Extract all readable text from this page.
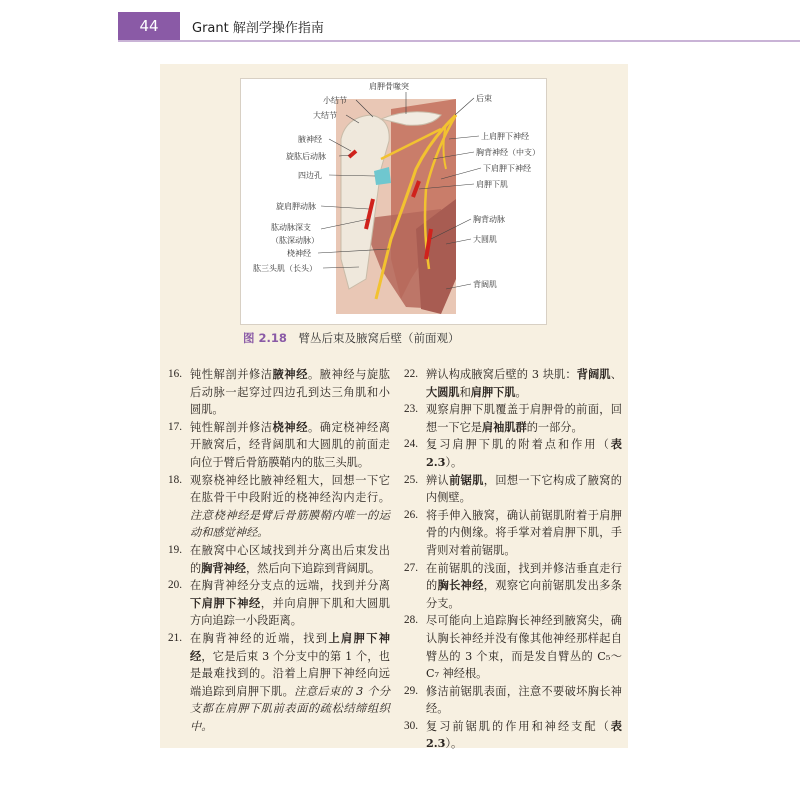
44	Grant 解剖学操作指南
肩胛骨喙突
小结节
大结节
后束
腋神经	上肩胛下神经
旋肱后动脉	胸背神经（中支）
四边孔
下肩胛下神经
肩胛下肌
旋肩胛动脉
胸背动脉
肱动脉深支
（肱深动脉）	大圆肌
桡神经
肱三头肌（长头）
背阔肌
图 2.18 臂丛后束及腋窝后壁（前面观）
16. 钝性解剖并修洁腋神经。腋神经与旋肱后动脉一起穿过四边孔到达三角肌和小圆肌。
17. 钝性解剖并修洁桡神经。确定桡神经离开腋窝后，经背阔肌和大圆肌的前面走向位于臂后骨筋膜鞘内的肱三头肌。
18. 观察桡神经比腋神经粗大，回想一下它在肱骨干中段附近的桡神经沟内走行。注意桡神经是臂后骨筋膜鞘内唯一的运动和感觉神经。
19. 在腋窝中心区域找到并分离出后束发出的胸背神经，然后向下追踪到背阔肌。
20. 在胸背神经分支点的远端，找到并分离下肩胛下神经，并向肩胛下肌和大圆肌方向追踪一小段距离。
21. 在胸背神经的近端，找到上肩胛下神经，它是后束 3 个分支中的第 1 个，也是最难找到的。沿着上肩胛下神经向远端追踪到肩胛下肌。注意后束的 3 个分支都在肩胛下肌前表面的疏松结缔组织中。
22. 辨认构成腋窝后壁的 3 块肌：背阔肌、大圆肌和肩胛下肌。
23. 观察肩胛下肌覆盖于肩胛骨的前面，回想一下它是肩袖肌群的一部分。
24. 复习肩胛下肌的附着点和作用（表 2.3）。
25. 辨认前锯肌，回想一下它构成了腋窝的内侧壁。
26. 将手伸入腋窝，确认前锯肌附着于肩胛骨的内侧缘。将手掌对着肩胛下肌，手背则对着前锯肌。
27. 在前锯肌的浅面，找到并修洁垂直走行的胸长神经，观察它向前锯肌发出多条分支。
28. 尽可能向上追踪胸长神经到腋窝尖，确认胸长神经并没有像其他神经那样起自臂丛的 3 个束，而是发自臂丛的 C₅～C₇ 神经根。
29. 修洁前锯肌表面，注意不要破坏胸长神经。
30. 复习前锯肌的作用和神经支配（表 2.3）。
